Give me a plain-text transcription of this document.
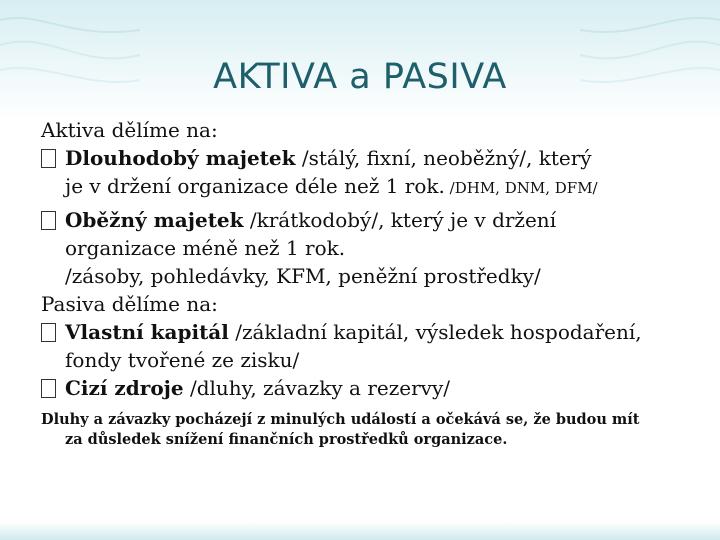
AKTIVA a PASIVA
Aktiva dělíme na:
Dlouhodobý majetek /stálý, fixní, neoběžný/, který
je v držení organizace déle než 1 rok. /DHM, DNM, DFM/
Oběžný majetek /krátkodobý/, který je v držení
organizace méně než 1 rok.
/zásoby, pohledávky, KFM, peněžní prostředky/
Pasiva dělíme na:
Vlastní kapitál /základní kapitál, výsledek hospodaření,
fondy tvořené ze zisku/
Cizí zdroje /dluhy, závazky a rezervy/
Dluhy a závazky pocházejí z minulých událostí a očekává se, že budou mít
za důsledek snížení finančních prostředků organizace.
